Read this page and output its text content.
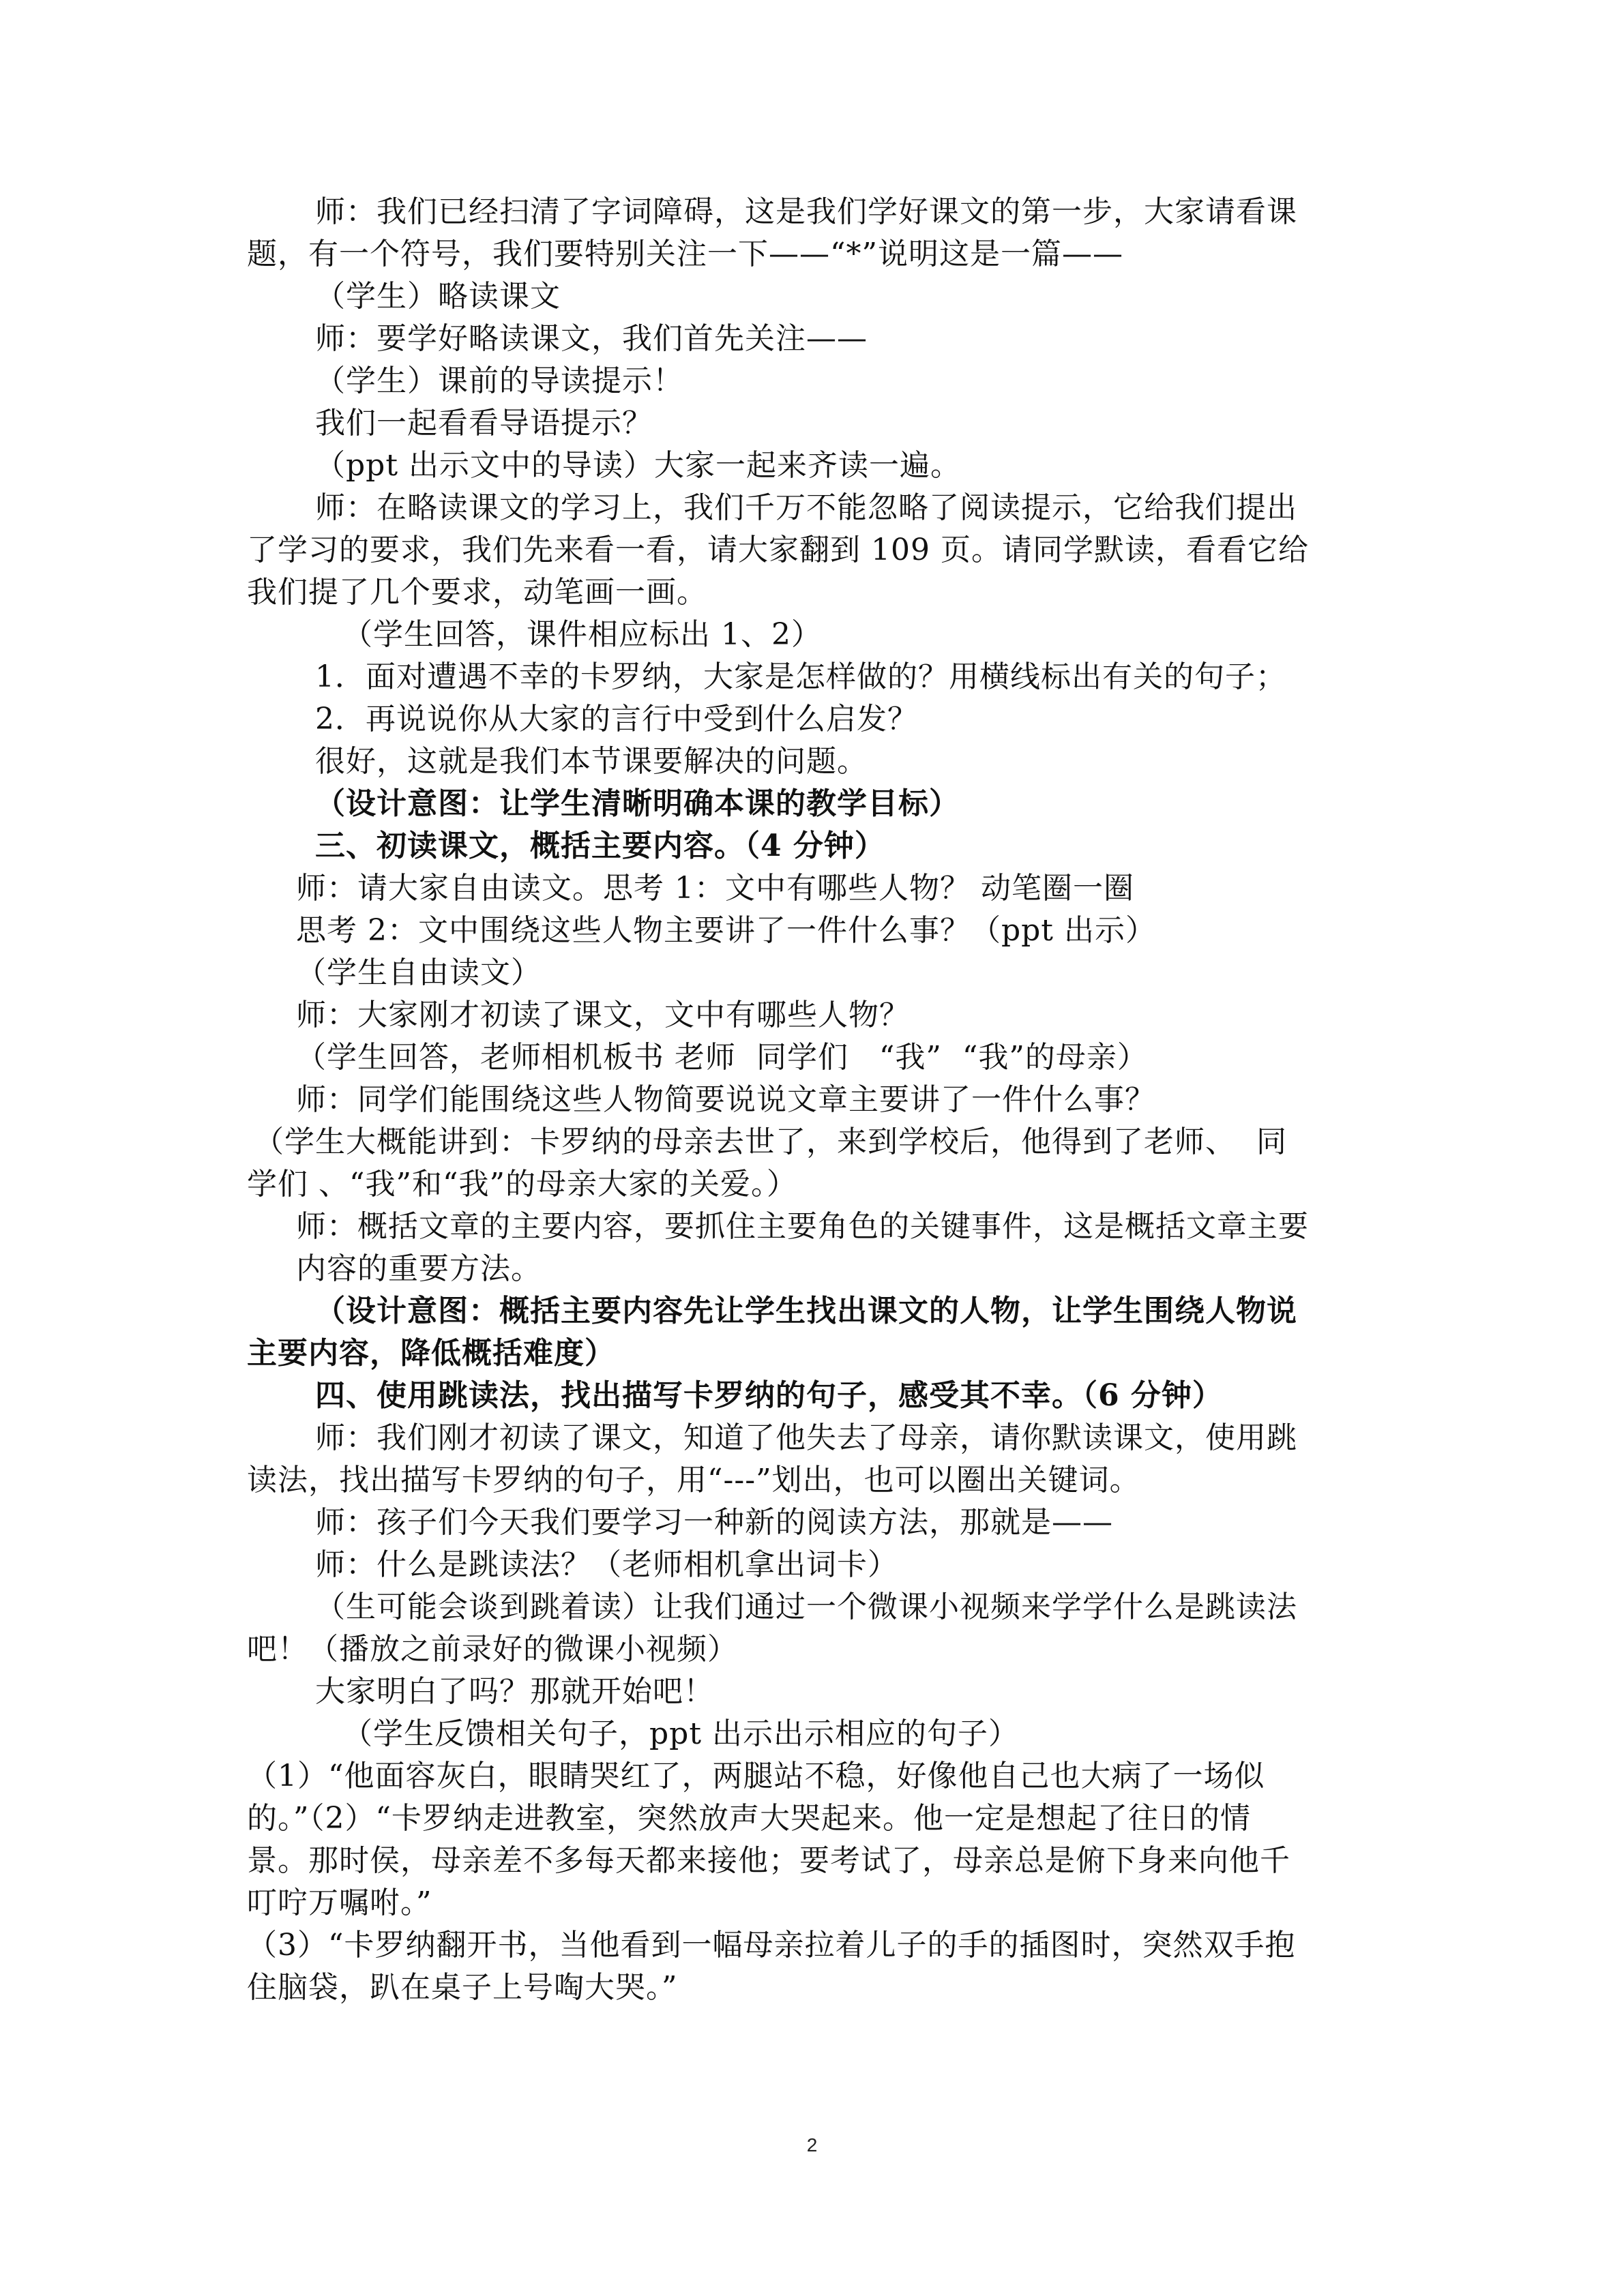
师：我们已经扫清了字词障碍，这是我们学好课文的第一步，大家请看课
题，有一个符号，我们要特别关注一下——“*”说明这是一篇——
（学生）略读课文
师：要学好略读课文，我们首先关注——
（学生）课前的导读提示！
我们一起看看导语提示？
（ppt 出示文中的导读）大家一起来齐读一遍。
师：在略读课文的学习上，我们千万不能忽略了阅读提示，它给我们提出
了学习的要求，我们先来看一看，请大家翻到 109 页。请同学默读，看看它给
我们提了几个要求，动笔画一画。
（学生回答，课件相应标出 1、2）
1．面对遭遇不幸的卡罗纳，大家是怎样做的？用横线标出有关的句子；
2．再说说你从大家的言行中受到什么启发？
很好，这就是我们本节课要解决的问题。
（设计意图：让学生清晰明确本课的教学目标）
三、初读课文，概括主要内容。（4 分钟）
师：请大家自由读文。思考 1：文中有哪些人物？ 动笔圈一圈
思考 2：文中围绕这些人物主要讲了一件什么事？（ppt 出示）
（学生自由读文）
师：大家刚才初读了课文，文中有哪些人物？
（学生回答，老师相机板书 老师  同学们   “我”  “我”的母亲）
师：同学们能围绕这些人物简要说说文章主要讲了一件什么事？
（学生大概能讲到：卡罗纳的母亲去世了，来到学校后，他得到了老师、  同
学们 、“我”和“我”的母亲大家的关爱。）
师：概括文章的主要内容，要抓住主要角色的关键事件，这是概括文章主要
内容的重要方法。
（设计意图：概括主要内容先让学生找出课文的人物，让学生围绕人物说
主要内容，降低概括难度）
四、使用跳读法，找出描写卡罗纳的句子，感受其不幸。（6 分钟）
师：我们刚才初读了课文，知道了他失去了母亲，请你默读课文，使用跳
读法，找出描写卡罗纳的句子，用“---”划出，也可以圈出关键词。
师：孩子们今天我们要学习一种新的阅读方法，那就是——
师：什么是跳读法？（老师相机拿出词卡）
（生可能会谈到跳着读）让我们通过一个微课小视频来学学什么是跳读法
吧！（播放之前录好的微课小视频）
大家明白了吗？那就开始吧！
（学生反馈相关句子，ppt 出示出示相应的句子）
（1）“他面容灰白，眼睛哭红了，两腿站不稳，好像他自己也大病了一场似
的。”（2）“卡罗纳走进教室，突然放声大哭起来。他一定是想起了往日的情
景。那时侯，母亲差不多每天都来接他；要考试了，母亲总是俯下身来向他千
叮咛万嘱咐。”
（3）“卡罗纳翻开书，当他看到一幅母亲拉着儿子的手的插图时，突然双手抱
住脑袋，趴在桌子上号啕大哭。”
2
